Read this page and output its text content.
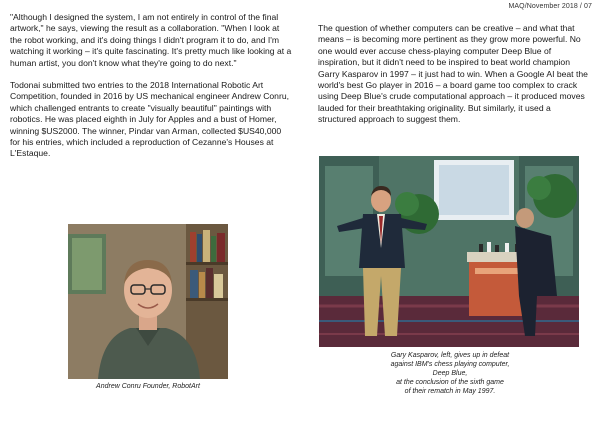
MAQ/November 2018 / 07

"Although I designed the system, I am not entirely in control of the final artwork," he says, viewing the result as a collaboration. "When I look at the robot working, and it's doing things I didn't program it to do, and I'm watching it working – it's quite fascinating. It's pretty much like looking at a human artist, you don't know what they're going to do next."

Todonai submitted two entries to the 2018 International Robotic Art Competition, founded in 2016 by US mechanical engineer Andrew Conru, which challenged entrants to create "visually beautiful" paintings with robotics. He was placed eighth in July for Apples and a bust of Homer, winning $US2000. The winner, Pindar van Arman, collected $US40,000 for his entries, which included a reproduction of Cezanne's Houses at L'Estaque.

Andrew Conru Founder, RobotArt

The question of whether computers can be creative – and what that means – is becoming more pertinent as they grow more powerful. No one would ever accuse chess-playing computer Deep Blue of inspiration, but it didn't need to be inspired to beat world champion Garry Kasparov in 1997 – it just had to win. When a Google AI beat the world's best Go player in 2016 – a board game too complex to crack using Deep Blue's crude computational approach – it produced moves lauded for their breathtaking originality. But similarly, it used a structured approach to suggest them.

Gary Kasparov, left, gives up in defeat
against IBM's chess playing computer,
Deep Blue,
at the conclusion of the sixth game
of their rematch in May 1997.
